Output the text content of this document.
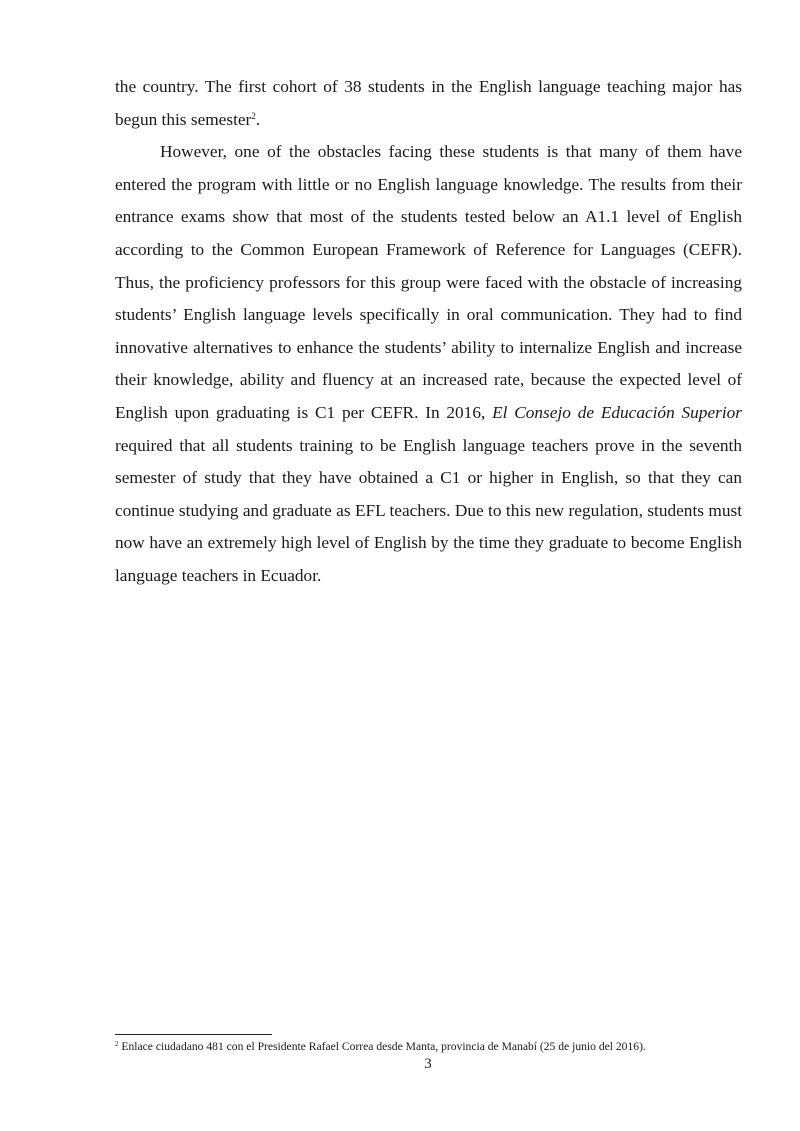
the country. The first cohort of 38 students in the English language teaching major has begun this semester$^2$.

However, one of the obstacles facing these students is that many of them have entered the program with little or no English language knowledge. The results from their entrance exams show that most of the students tested below an A1.1 level of English according to the Common European Framework of Reference for Languages (CEFR). Thus, the proficiency professors for this group were faced with the obstacle of increasing students’ English language levels specifically in oral communication. They had to find innovative alternatives to enhance the students’ ability to internalize English and increase their knowledge, ability and fluency at an increased rate, because the expected level of English upon graduating is C1 per CEFR. In 2016, El Consejo de Educación Superior required that all students training to be English language teachers prove in the seventh semester of study that they have obtained a C1 or higher in English, so that they can continue studying and graduate as EFL teachers. Due to this new regulation, students must now have an extremely high level of English by the time they graduate to become English language teachers in Ecuador.

$^2$ Enlace ciudadano 481 con el Presidente Rafael Correa desde Manta, provincia de Manabí (25 de junio del 2016).
3
